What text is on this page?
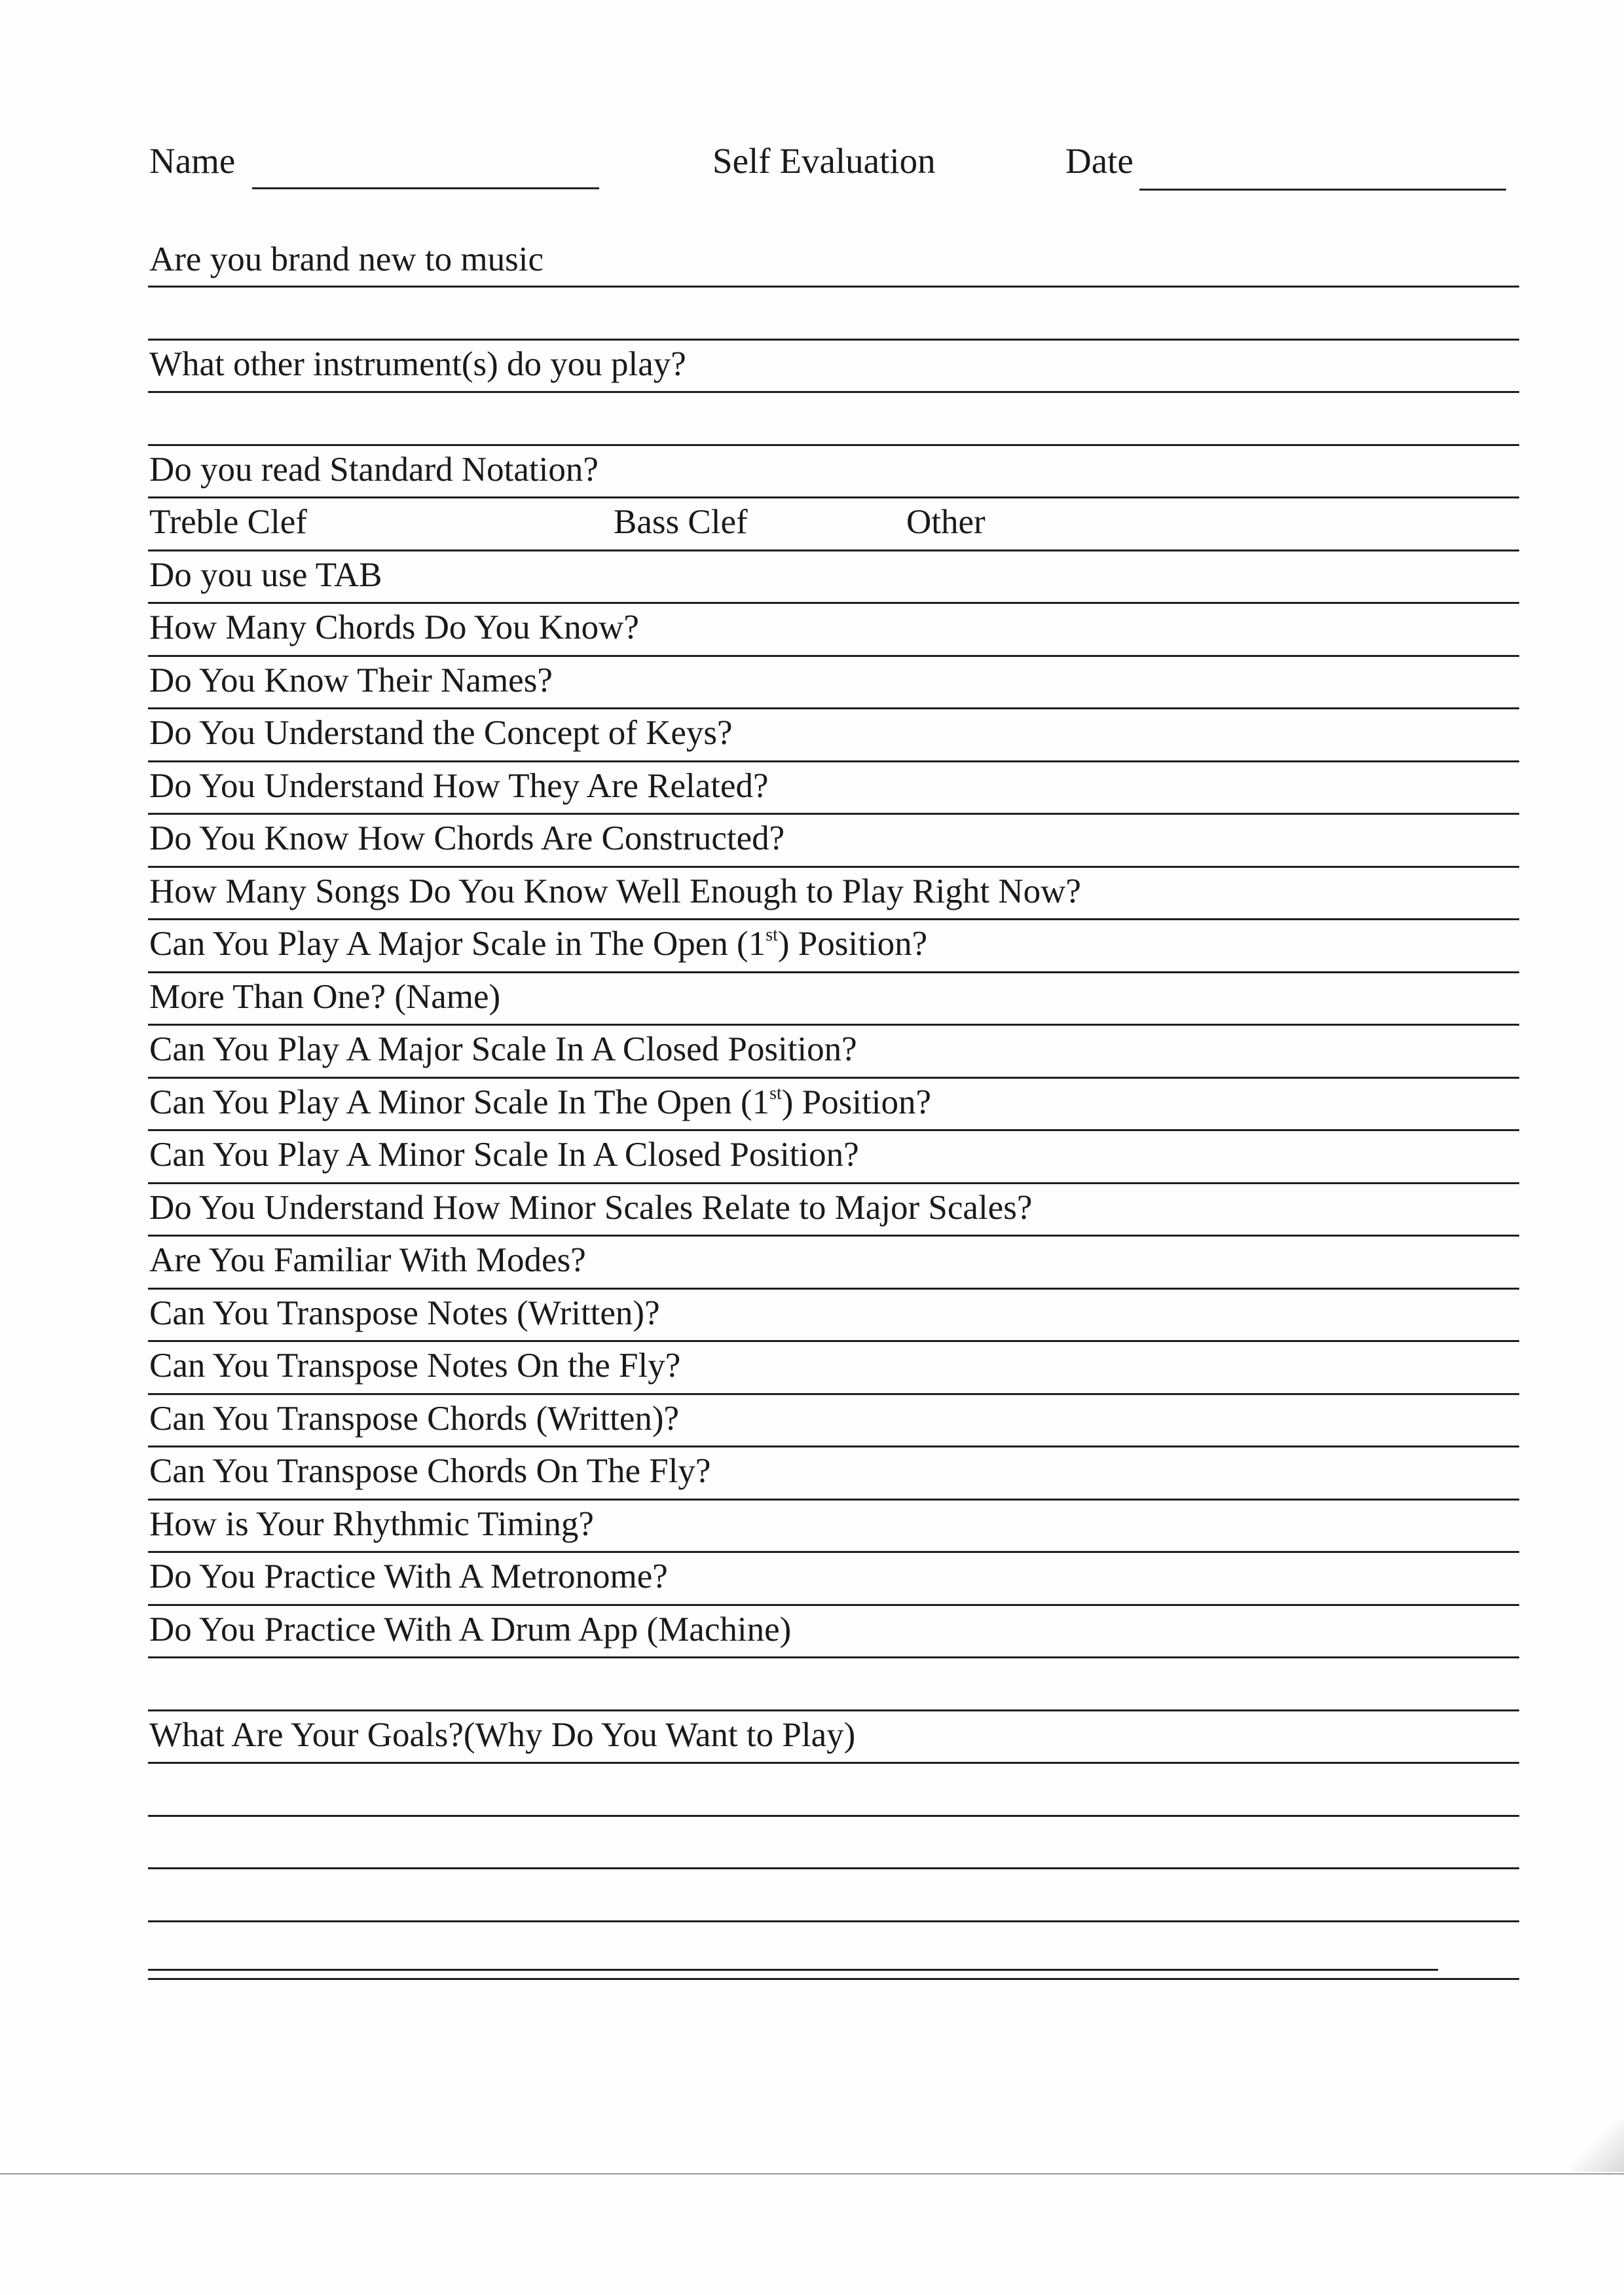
Name	Self Evaluation	Date
Are you brand new to music
What other instrument(s) do you play?
Do you read Standard Notation?
Treble Clef	Bass Clef	Other
Do you use TAB
How Many Chords Do You Know?
Do You Know Their Names?
Do You Understand the Concept of Keys?
Do You Understand How They Are Related?
Do You Know How Chords Are Constructed?
How Many Songs Do You Know Well Enough to Play Right Now?
Can You Play A Major Scale in The Open (1st) Position?
More Than One? (Name)
Can You Play A Major Scale In A Closed Position?
Can You Play A Minor Scale In The Open (1st) Position?
Can You Play A Minor Scale In A Closed Position?
Do You Understand How Minor Scales Relate to Major Scales?
Are You Familiar With Modes?
Can You Transpose Notes (Written)?
Can You Transpose Notes On the Fly?
Can You Transpose Chords (Written)?
Can You Transpose Chords On The Fly?
How is Your Rhythmic Timing?
Do You Practice With A Metronome?
Do You Practice With A Drum App (Machine)
What Are Your Goals?(Why Do You Want to Play)
